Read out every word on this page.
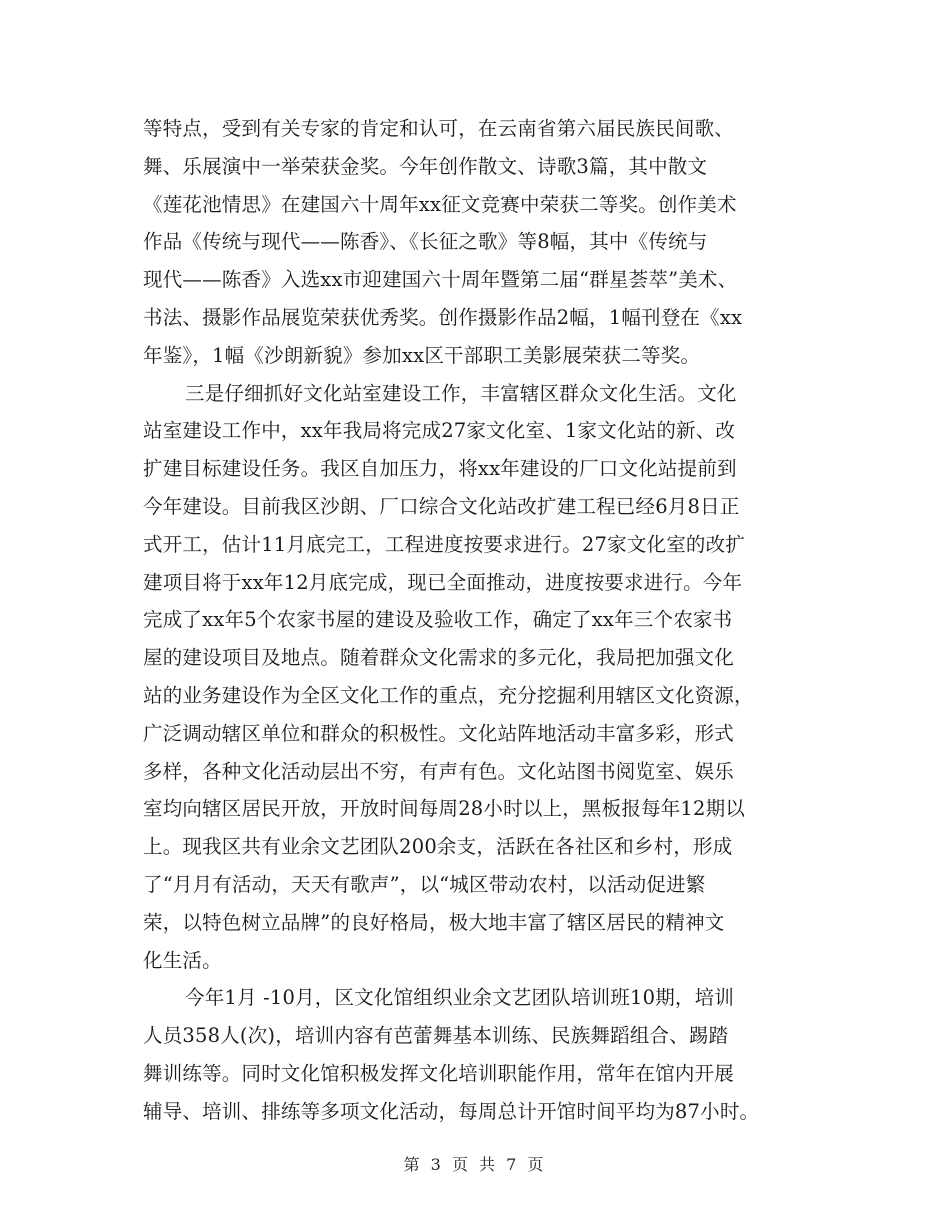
等特点，受到有关专家的肯定和认可，在云南省第六届民族民间歌、
舞、乐展演中一举荣获金奖。今年创作散文、诗歌3篇，其中散文
《莲花池情思》在建国六十周年xx征文竞赛中荣获二等奖。创作美术
作品《传统与现代——陈香》、《长征之歌》等8幅，其中《传统与
现代——陈香》入选xx市迎建国六十周年暨第二届“群星荟萃”美术、
书法、摄影作品展览荣获优秀奖。创作摄影作品2幅，1幅刊登在《xx
年鉴》，1幅《沙朗新貌》参加xx区干部职工美影展荣获二等奖。
三是仔细抓好文化站室建设工作，丰富辖区群众文化生活。文化
站室建设工作中，xx年我局将完成27家文化室、1家文化站的新、改
扩建目标建设任务。我区自加压力，将xx年建设的厂口文化站提前到
今年建设。目前我区沙朗、厂口综合文化站改扩建工程已经6月8日正
式开工，估计11月底完工，工程进度按要求进行。27家文化室的改扩
建项目将于xx年12月底完成，现已全面推动，进度按要求进行。今年
完成了xx年5个农家书屋的建设及验收工作，确定了xx年三个农家书
屋的建设项目及地点。随着群众文化需求的多元化，我局把加强文化
站的业务建设作为全区文化工作的重点，充分挖掘利用辖区文化资源，
广泛调动辖区单位和群众的积极性。文化站阵地活动丰富多彩，形式
多样，各种文化活动层出不穷，有声有色。文化站图书阅览室、娱乐
室均向辖区居民开放，开放时间每周28小时以上，黑板报每年12期以
上。现我区共有业余文艺团队200余支，活跃在各社区和乡村，形成
了“月月有活动，天天有歌声”，以“城区带动农村，以活动促进繁
荣，以特色树立品牌”的良好格局，极大地丰富了辖区居民的精神文
化生活。
今年1月 -10月，区文化馆组织业余文艺团队培训班10期，培训
人员358人(次)，培训内容有芭蕾舞基本训练、民族舞蹈组合、踢踏
舞训练等。同时文化馆积极发挥文化培训职能作用，常年在馆内开展
辅导、培训、排练等多项文化活动，每周总计开馆时间平均为87小时。
第 3 页 共 7 页
